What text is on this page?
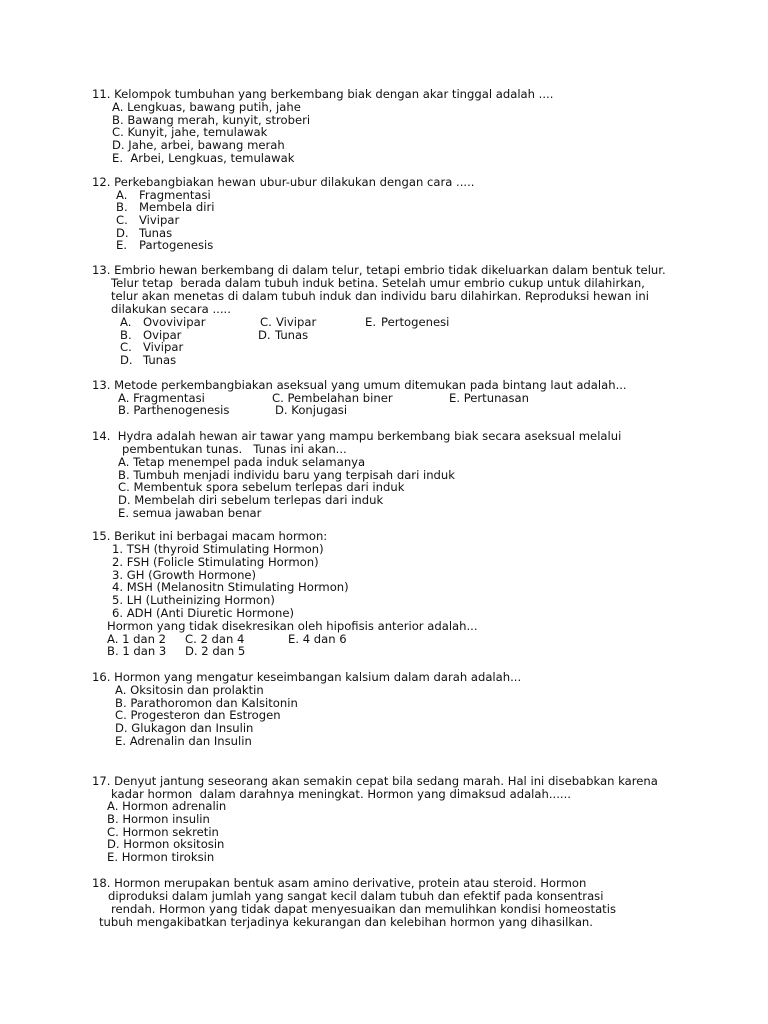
11. Kelompok tumbuhan yang berkembang biak dengan akar tinggal adalah ....
A. Lengkuas, bawang putih, jahe
B. Bawang merah, kunyit, stroberi
C. Kunyit, jahe, temulawak
D. Jahe, arbei, bawang merah
E.  Arbei, Lengkuas, temulawak
12. Perkebangbiakan hewan ubur-ubur dilakukan dengan cara .....
A. Fragmentasi
B. Membela diri
C. Vivipar
D. Tunas
E. Partogenesis
13. Embrio hewan berkembang di dalam telur, tetapi embrio tidak dikeluarkan dalam bentuk telur.
Telur tetap  berada dalam tubuh induk betina. Setelah umur embrio cukup untuk dilahirkan,
telur akan menetas di dalam tubuh induk dan individu baru dilahirkan. Reproduksi hewan ini
dilakukan secara .....
A. Ovovivipar	C. Vivipar	E. Pertogenesi
B. Ovipar	D. Tunas
C. Vivipar
D. Tunas
13. Metode perkembangbiakan aseksual yang umum ditemukan pada bintang laut adalah...
A. Fragmentasi	C. Pembelahan biner	E. Pertunasan
B. Parthenogenesis	D. Konjugasi
14.  Hydra adalah hewan air tawar yang mampu berkembang biak secara aseksual melalui
pembentukan tunas.   Tunas ini akan...
A. Tetap menempel pada induk selamanya
B. Tumbuh menjadi individu baru yang terpisah dari induk
C. Membentuk spora sebelum terlepas dari induk
D. Membelah diri sebelum terlepas dari induk
E. semua jawaban benar
15. Berikut ini berbagai macam hormon:
1. TSH (thyroid Stimulating Hormon)
2. FSH (Folicle Stimulating Hormon)
3. GH (Growth Hormone)
4. MSH (Melanositn Stimulating Hormon)
5. LH (Lutheinizing Hormon)
6. ADH (Anti Diuretic Hormone)
Hormon yang tidak disekresikan oleh hipofisis anterior adalah...
A. 1 dan 2 C. 2 dan 4	E. 4 dan 6
B. 1 dan 3 D. 2 dan 5
16. Hormon yang mengatur keseimbangan kalsium dalam darah adalah...
A. Oksitosin dan prolaktin
B. Parathoromon dan Kalsitonin
C. Progesteron dan Estrogen
D. Glukagon dan Insulin
E. Adrenalin dan Insulin
17. Denyut jantung seseorang akan semakin cepat bila sedang marah. Hal ini disebabkan karena
kadar hormon  dalam darahnya meningkat. Hormon yang dimaksud adalah......
A. Hormon adrenalin
B. Hormon insulin
C. Hormon sekretin
D. Hormon oksitosin
E. Hormon tiroksin
18. Hormon merupakan bentuk asam amino derivative, protein atau steroid. Hormon
diproduksi dalam jumlah yang sangat kecil dalam tubuh dan efektif pada konsentrasi
rendah. Hormon yang tidak dapat menyesuaikan dan memulihkan kondisi homeostatis
tubuh mengakibatkan terjadinya kekurangan dan kelebihan hormon yang dihasilkan.
